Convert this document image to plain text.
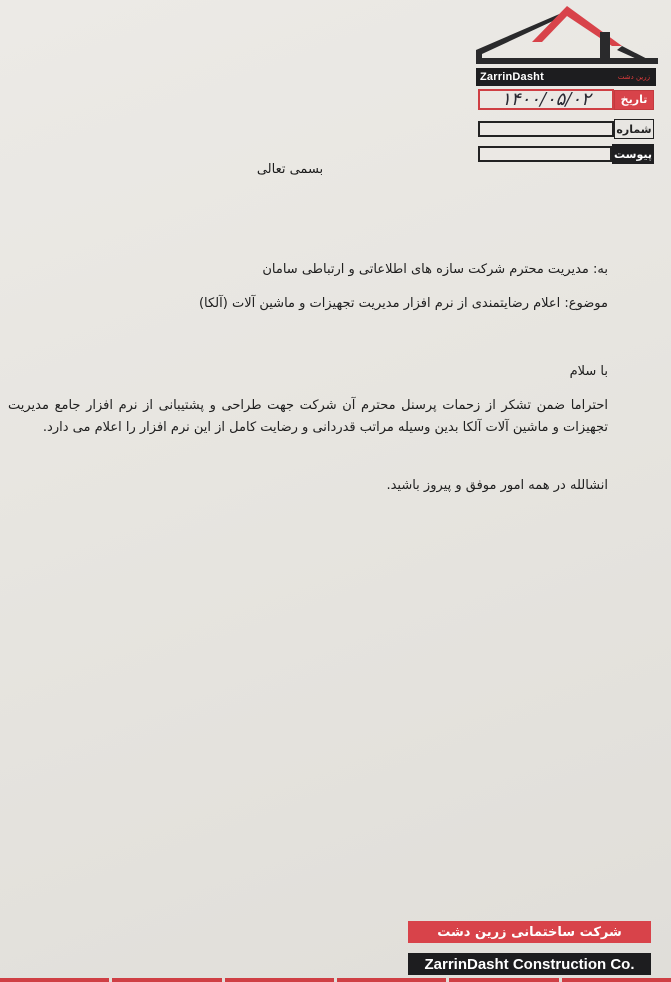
ZarrinDasht	زرین دشت
تاریخ
۱۴۰۰/۰۵/۰۲
شماره
پیوست
بسمی تعالی
به: مدیریت محترم شرکت سازه های اطلاعاتی و ارتباطی سامان
موضوع: اعلام رضایتمندی از نرم افزار مدیریت تجهیزات و ماشین آلات (آلکا)
با سلام
احتراما ضمن تشکر از زحمات پرسنل محترم آن شرکت جهت طراحی و پشتیبانی از نرم افزار جامع مدیریت تجهیزات و ماشین آلات آلکا بدین وسیله مراتب قدردانی و رضایت کامل از این نرم افزار را اعلام می دارد.
انشالله در همه امور موفق و پیروز باشید.
شرکت ساختمانی زرین دشت
ZarrinDasht Construction Co.
